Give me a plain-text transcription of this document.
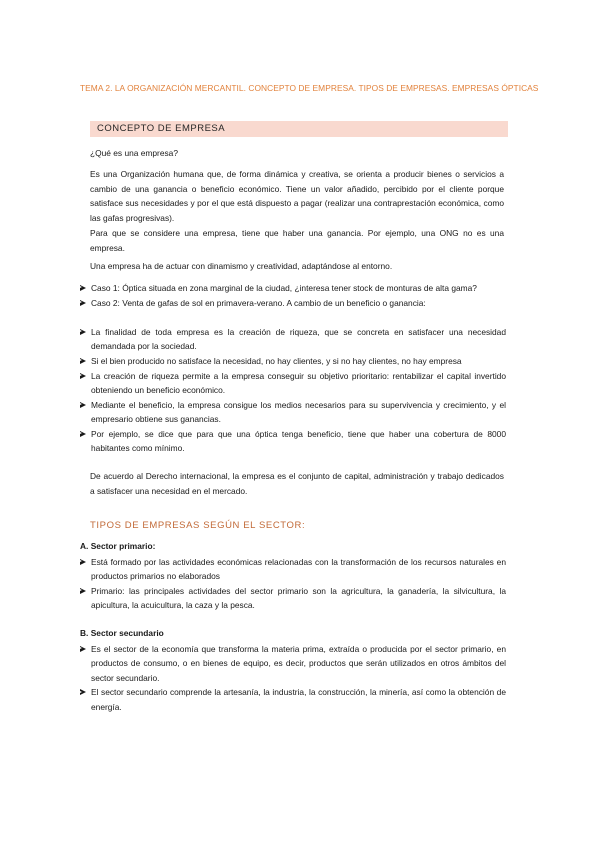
TEMA 2. LA ORGANIZACIÓN MERCANTIL. CONCEPTO DE EMPRESA. TIPOS DE EMPRESAS. EMPRESAS ÓPTICAS
CONCEPTO DE EMPRESA

¿Qué es una empresa?

Es una Organización humana que, de forma dinámica y creativa, se orienta a producir bienes o servicios a cambio de una ganancia o beneficio económico. Tiene un valor añadido, percibido por el cliente porque satisface sus necesidades y por el que está dispuesto a pagar (realizar una contraprestación económica, como las gafas progresivas).

Para que se considere una empresa, tiene que haber una ganancia. Por ejemplo, una ONG no es una empresa.

Una empresa ha de actuar con dinamismo y creatividad, adaptándose al entorno.

Caso 1: Óptica situada en zona marginal de la ciudad, ¿interesa tener stock de monturas de alta gama?
Caso 2: Venta de gafas de sol en primavera-verano. A cambio de un beneficio o ganancia:
La finalidad de toda empresa es la creación de riqueza, que se concreta en satisfacer una necesidad demandada por la sociedad.
Si el bien producido no satisface la necesidad, no hay clientes, y si no hay clientes, no hay empresa
La creación de riqueza permite a la empresa conseguir su objetivo prioritario: rentabilizar el capital invertido obteniendo un beneficio económico.
Mediante el beneficio, la empresa consigue los medios necesarios para su supervivencia y crecimiento, y el empresario obtiene sus ganancias.
Por ejemplo, se dice que para que una óptica tenga beneficio, tiene que haber una cobertura de 8000 habitantes como mínimo.

De acuerdo al Derecho internacional, la empresa es el conjunto de capital, administración y trabajo dedicados a satisfacer una necesidad en el mercado.

TIPOS DE EMPRESAS SEGÚN EL SECTOR:
A. Sector primario:
Está formado por las actividades económicas relacionadas con la transformación de los recursos naturales en productos primarios no elaborados
Primario: las principales actividades del sector primario son la agricultura, la ganadería, la silvicultura, la apicultura, la acuicultura, la caza y la pesca.
B. Sector secundario
Es el sector de la economía que transforma la materia prima, extraída o producida por el sector primario, en productos de consumo, o en bienes de equipo, es decir, productos que serán utilizados en otros ámbitos del sector secundario.
El sector secundario comprende la artesanía, la industria, la construcción, la minería, así como la obtención de energía.
